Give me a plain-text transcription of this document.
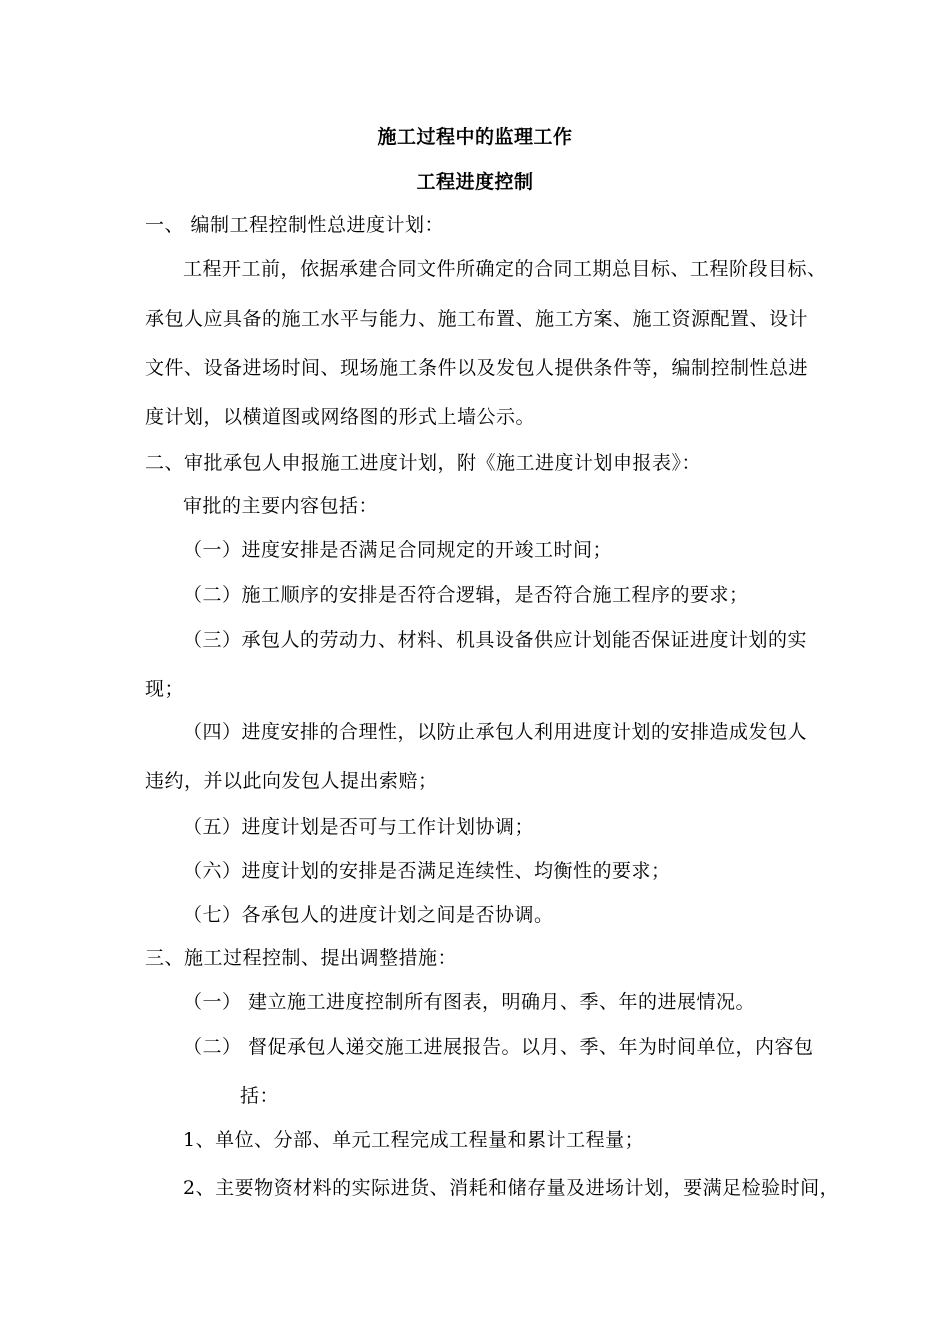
施工过程中的监理工作
工程进度控制
一、 编制工程控制性总进度计划：
工程开工前，依据承建合同文件所确定的合同工期总目标、工程阶段目标、
承包人应具备的施工水平与能力、施工布置、施工方案、施工资源配置、设计
文件、设备进场时间、现场施工条件以及发包人提供条件等，编制控制性总进
度计划，以横道图或网络图的形式上墙公示。
二、审批承包人申报施工进度计划，附《施工进度计划申报表》：
审批的主要内容包括：
（一）进度安排是否满足合同规定的开竣工时间；
（二）施工顺序的安排是否符合逻辑，是否符合施工程序的要求；
（三）承包人的劳动力、材料、机具设备供应计划能否保证进度计划的实
现；
（四）进度安排的合理性，以防止承包人利用进度计划的安排造成发包人
违约，并以此向发包人提出索赔；
（五）进度计划是否可与工作计划协调；
（六）进度计划的安排是否满足连续性、均衡性的要求；
（七）各承包人的进度计划之间是否协调。
三、施工过程控制、提出调整措施：
（一） 建立施工进度控制所有图表，明确月、季、年的进展情况。
（二） 督促承包人递交施工进展报告。以月、季、年为时间单位，内容包
括：
1、单位、分部、单元工程完成工程量和累计工程量；
2、主要物资材料的实际进货、消耗和储存量及进场计划，要满足检验时间，
